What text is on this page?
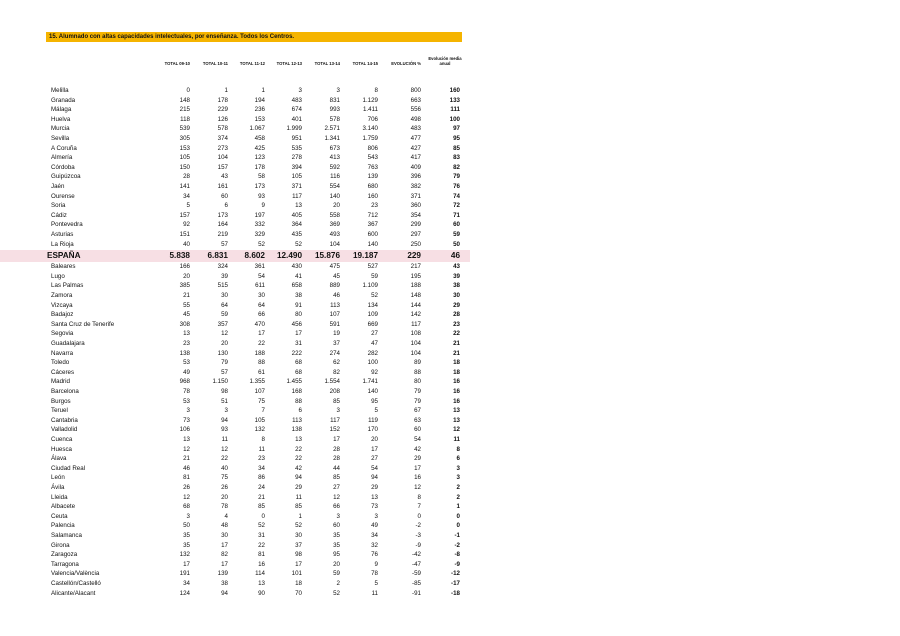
15. Alumnado con altas capacidades intelectuales, por enseñanza. Todos los Centros.
TOTAL 09-10	TOTAL 10-11	TOTAL 11-12	TOTAL 12-13	TOTAL 13-14	TOTAL 14-15	EVOLUCIÓN %
Evolución media anual
Melilla	0	1	1	3	3	8	800	160
Granada	148	178	194	483	831	1.129	663	133
Málaga	215	229	236	674	993	1.411	556	111
Huelva	118	126	153	401	578	706	498	100
Murcia	539	578	1.067	1.999	2.571	3.140	483	97
Sevilla	305	374	458	951	1.341	1.759	477	95
A Coruña	153	273	425	535	673	806	427	85
Almería	105	104	123	278	413	543	417	83
Córdoba	150	157	178	394	592	763	409	82
Guipúzcoa	28	43	58	105	116	139	396	79
Jaén	141	161	173	371	554	680	382	76
Ourense	34	60	93	117	140	160	371	74
Soria	5	6	9	13	20	23	360	72
Cádiz	157	173	197	405	558	712	354	71
Pontevedra	92	164	332	364	369	367	299	60
Asturias	151	219	329	435	493	600	297	59
La Rioja	40	57	52	52	104	140	250	50
ESPAÑA	5.838 6.831 8.602 12.490 15.876 19.187	229	46
Baleares	166	324	361	430	475	527	217	43
Lugo	20	39	54	41	45	59	195	39
Las Palmas	385	515	611	658	889	1.109	188	38
Zamora	21	30	30	38	46	52	148	30
Vizcaya	55	64	64	91	113	134	144	29
Badajoz	45	59	66	80	107	109	142	28
Santa Cruz de Tenerife	308	357	470	456	591	669	117	23
Segovia	13	12	17	17	19	27	108	22
Guadalajara	23	20	22	31	37	47	104	21
Navarra	138	130	188	222	274	282	104	21
Toledo	53	79	88	68	62	100	89	18
Cáceres	49	57	61	68	82	92	88	18
Madrid	968	1.150	1.355	1.455	1.554	1.741	80	16
Barcelona	78	98	107	168	208	140	79	16
Burgos	53	51	75	88	85	95	79	16
Teruel	3	3	7	6	3	5	67	13
Cantabria	73	94	105	113	117	119	63	13
Valladolid	106	93	132	138	152	170	60	12
Cuenca	13	11	8	13	17	20	54	11
Huesca	12	12	11	22	28	17	42	8
Álava	21	22	23	22	28	27	29	6
Ciudad Real	46	40	34	42	44	54	17	3
León	81	75	86	94	85	94	16	3
Ávila	26	26	24	29	27	29	12	2
Lleida	12	20	21	11	12	13	8	2
Albacete	68	78	85	85	66	73	7	1
Ceuta	3	4	0	1	3	3	0	0
Palencia	50	48	52	52	60	49	-2	0
Salamanca	35	30	31	30	35	34	-3	-1
Girona	35	17	22	37	35	32	-9	-2
Zaragoza	132	82	81	98	95	76	-42	-8
Tarragona	17	17	16	17	20	9	-47	-9
Valencia/València	191	139	114	101	59	78	-59	-12
Castellón/Castelló	34	38	13	18	2	5	-85	-17
Alicante/Alacant	124	94	90	70	52	11	-91	-18
